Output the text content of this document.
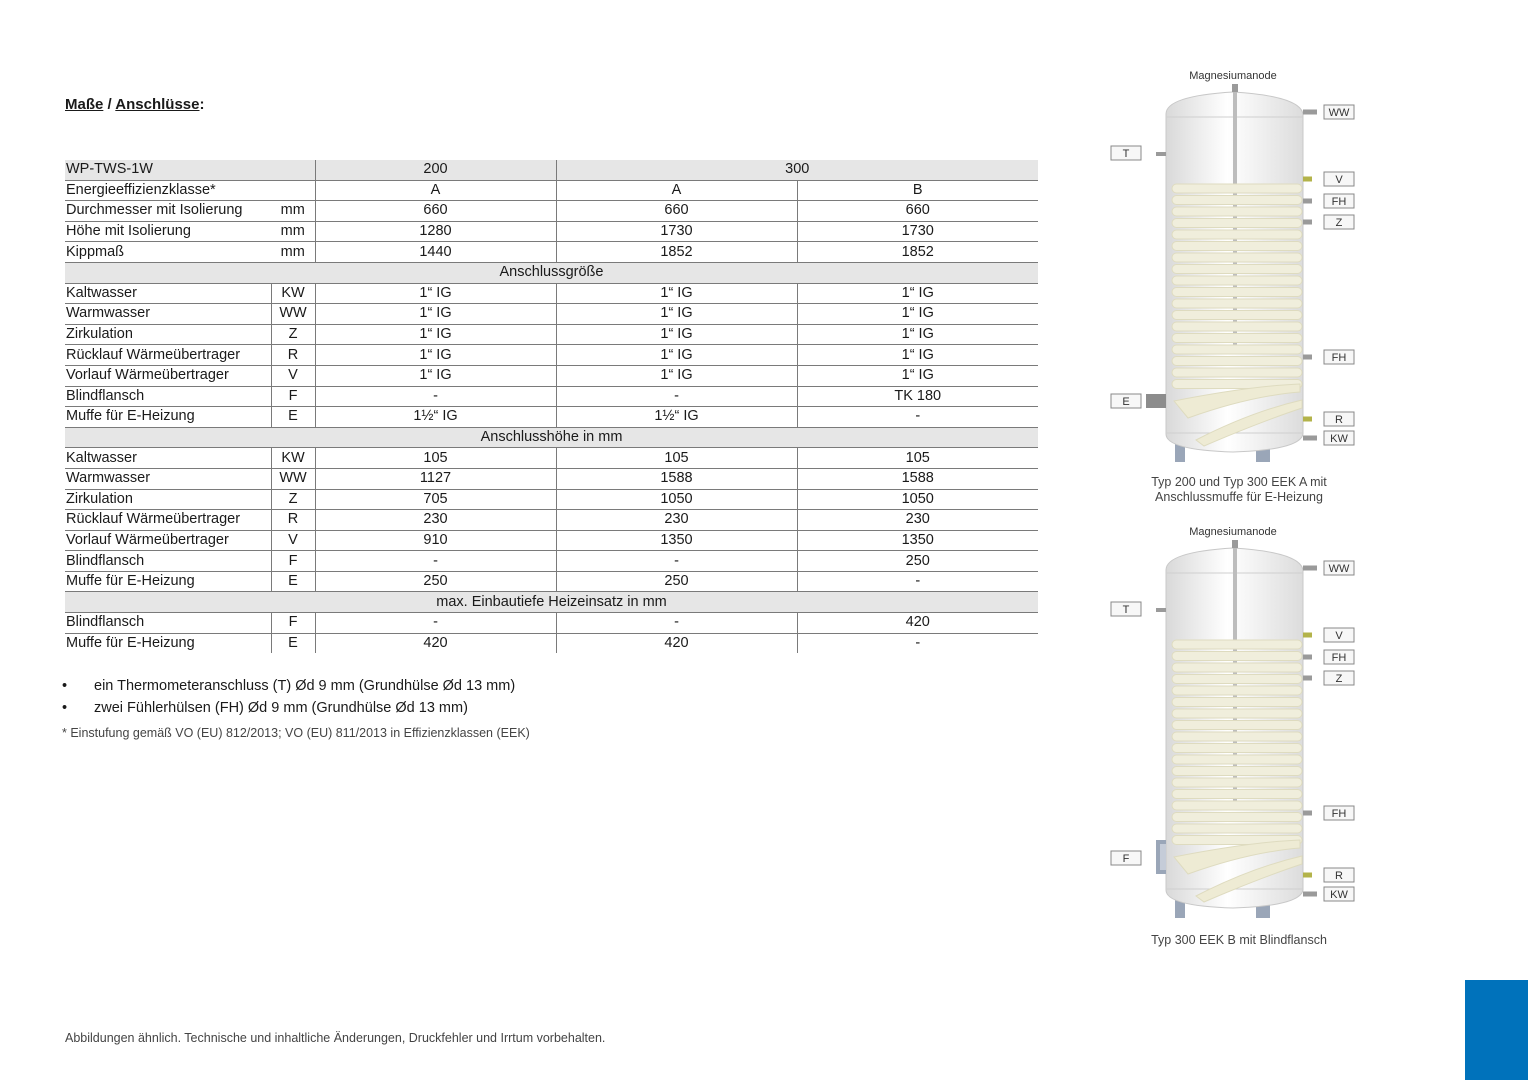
Maße / Anschlüsse:
WP-TWS-1W		200	300	
Energieeffizienzklasse*		A	A	B
Durchmesser mit Isolierung	mm	660	660	660
Höhe mit Isolierung	mm	1280	1730	1730
Kippmaß	mm	1440	1852	1852
Anschlussgröße				
Kaltwasser	KW	1“ IG	1“ IG	1“ IG
Warmwasser	WW	1“ IG	1“ IG	1“ IG
Zirkulation	Z	1“ IG	1“ IG	1“ IG
Rücklauf Wärmeübertrager	R	1“ IG	1“ IG	1“ IG
Vorlauf Wärmeübertrager	V	1“ IG	1“ IG	1“ IG
Blindflansch	F	-	-	TK 180
Muffe für E-Heizung	E	1½“ IG	1½“ IG	-
Anschlusshöhe in mm				
Kaltwasser	KW	105	105	105
Warmwasser	WW	1127	1588	1588
Zirkulation	Z	705	1050	1050
Rücklauf Wärmeübertrager	R	230	230	230
Vorlauf Wärmeübertrager	V	910	1350	1350
Blindflansch	F	-	-	250
Muffe für E-Heizung	E	250	250	-
max. Einbautiefe Heizeinsatz in mm				
Blindflansch	F	-	-	420
Muffe für E-Heizung	E	420	420	-
• ein Thermometeranschluss (T) Ød 9 mm (Grundhülse Ød 13 mm)
• zwei Fühlerhülsen (FH) Ød 9 mm (Grundhülse Ød 13 mm)
* Einstufung gemäß VO (EU) 812/2013; VO (EU) 811/2013 in Effizienzklassen (EEK)
Magnesiumanode
WW
V
FH
Z
FH
R
KW
T
E
Typ 200 und Typ 300 EEK A mit
Anschlussmuffe für E-Heizung
Magnesiumanode
WW
V
FH
Z
FH
R
KW
T
F
Typ 300 EEK B mit Blindflansch
Abbildungen ähnlich. Technische und inhaltliche Änderungen, Druckfehler und Irrtum vorbehalten.
